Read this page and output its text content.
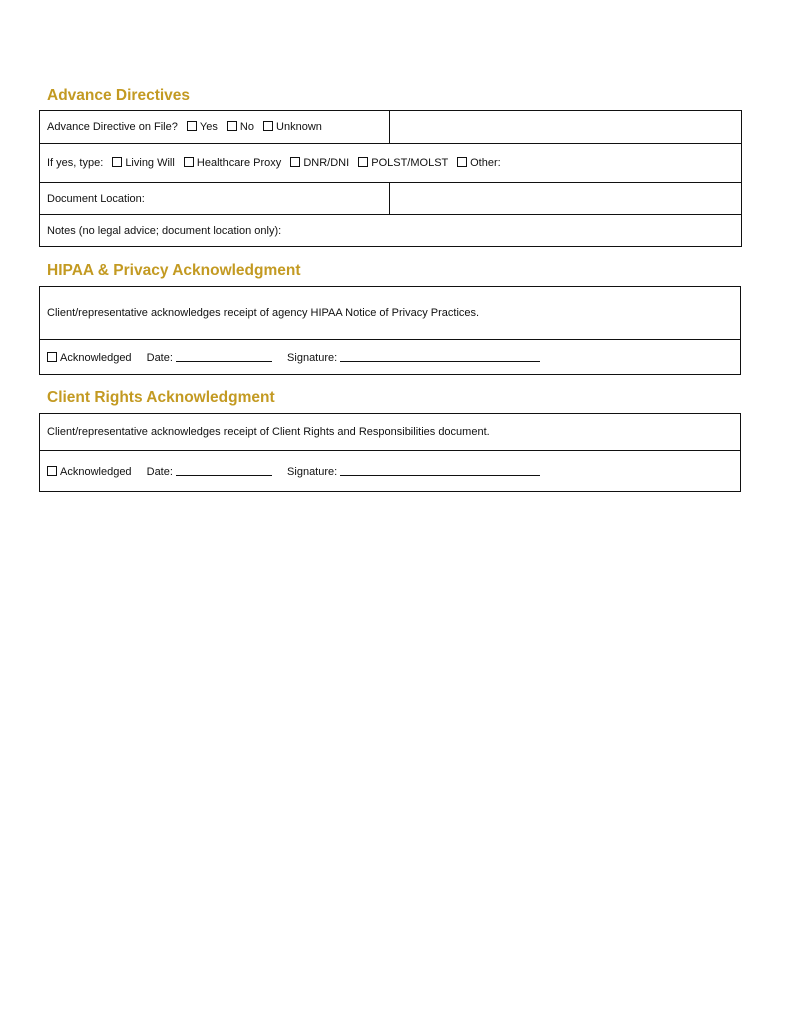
Advance Directives
Advance Directive on File? Yes No Unknown	
If yes, type: Living Will Healthcare Proxy DNR/DNI POLST/MOLST Other:	
Document Location:	
Notes (no legal advice; document location only):	
HIPAA & Privacy Acknowledgment
Client/representative acknowledges receipt of agency HIPAA Notice of Privacy Practices.
Acknowledged Date:	Signature:
Client Rights Acknowledgment
Client/representative acknowledges receipt of Client Rights and Responsibilities document.
Acknowledged Date:	Signature:
